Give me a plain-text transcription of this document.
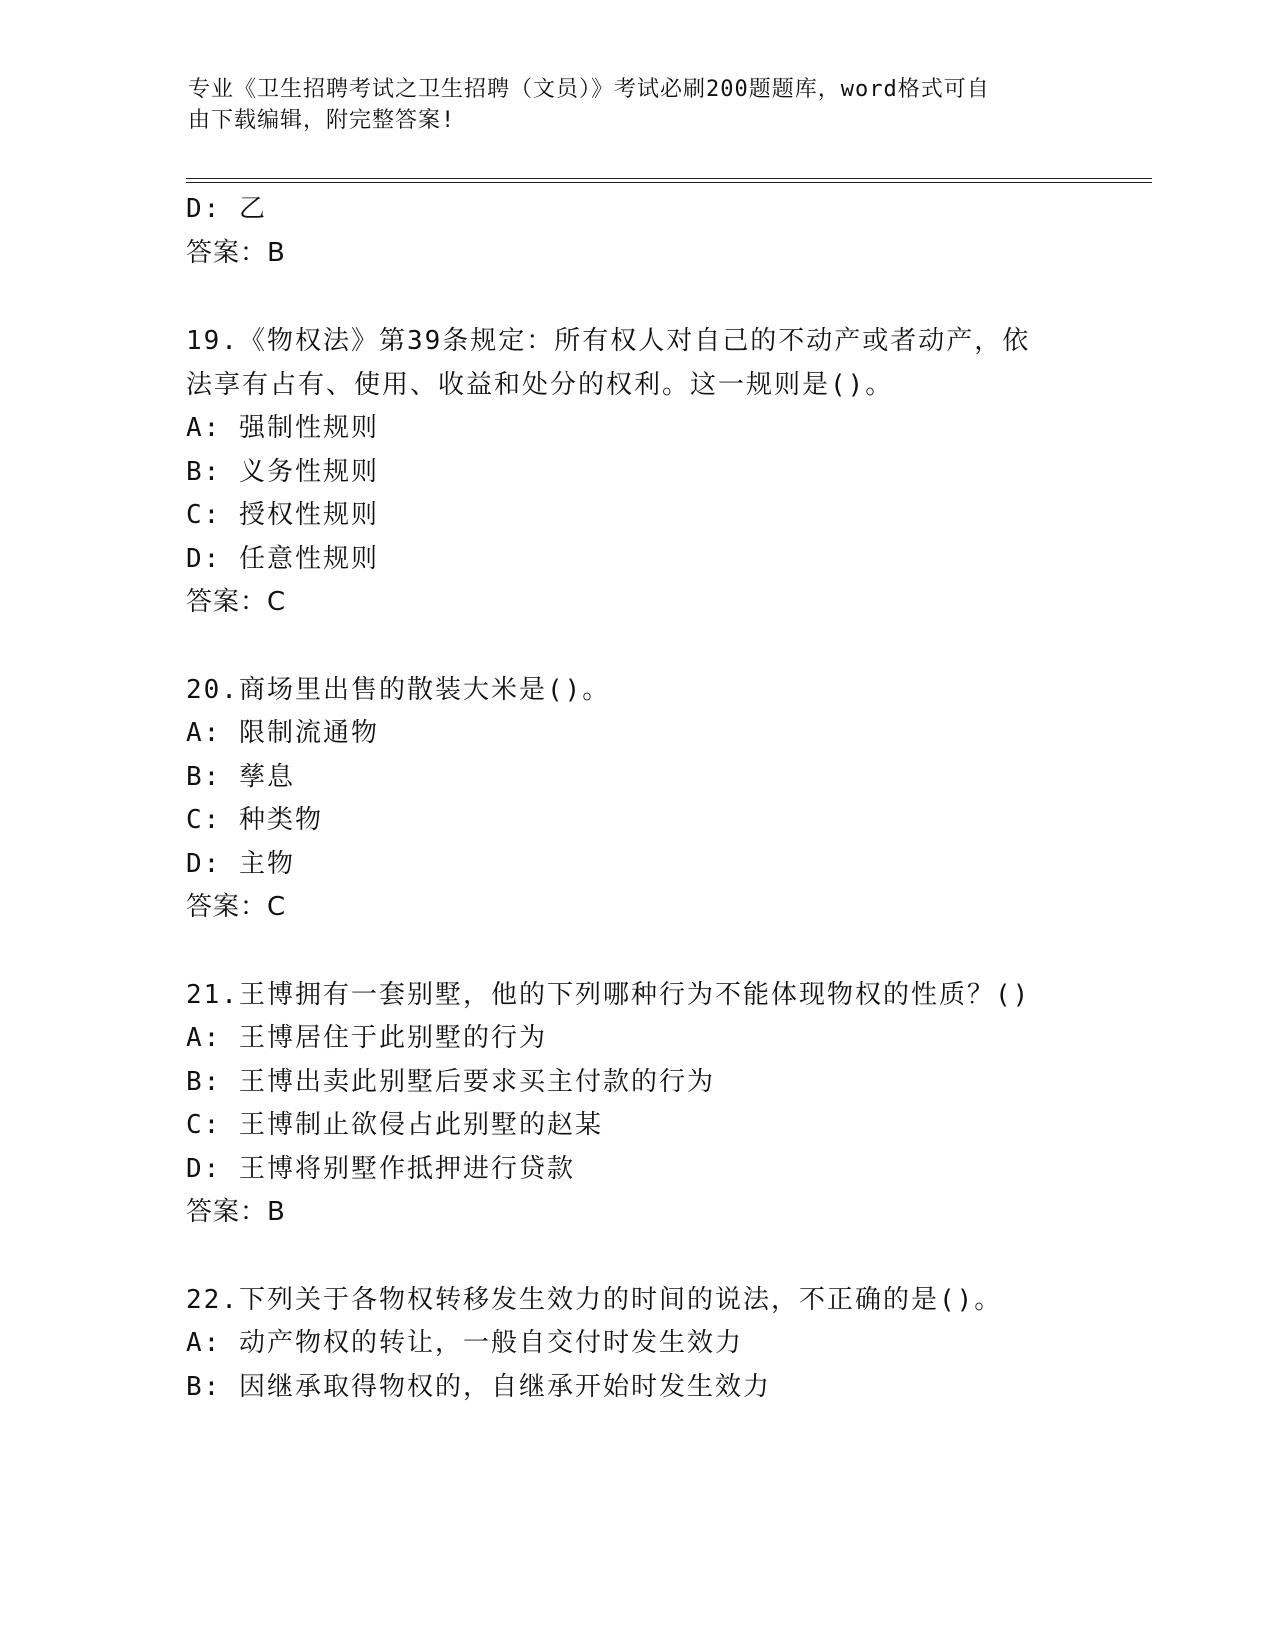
专业《卫生招聘考试之卫生招聘（文员）》考试必刷200题题库，word格式可自
由下载编辑，附完整答案!
D: 乙
答案：B
19.《物权法》第39条规定：所有权人对自己的不动产或者动产，依
法享有占有、使用、收益和处分的权利。这一规则是()。
A: 强制性规则
B: 义务性规则
C: 授权性规则
D: 任意性规则
答案：C
20.商场里出售的散装大米是()。
A: 限制流通物
B: 孳息
C: 种类物
D: 主物
答案：C
21.王博拥有一套别墅，他的下列哪种行为不能体现物权的性质？()
A: 王博居住于此别墅的行为
B: 王博出卖此别墅后要求买主付款的行为
C: 王博制止欲侵占此别墅的赵某
D: 王博将别墅作抵押进行贷款
答案：B
22.下列关于各物权转移发生效力的时间的说法，不正确的是()。
A: 动产物权的转让，一般自交付时发生效力
B: 因继承取得物权的，自继承开始时发生效力
